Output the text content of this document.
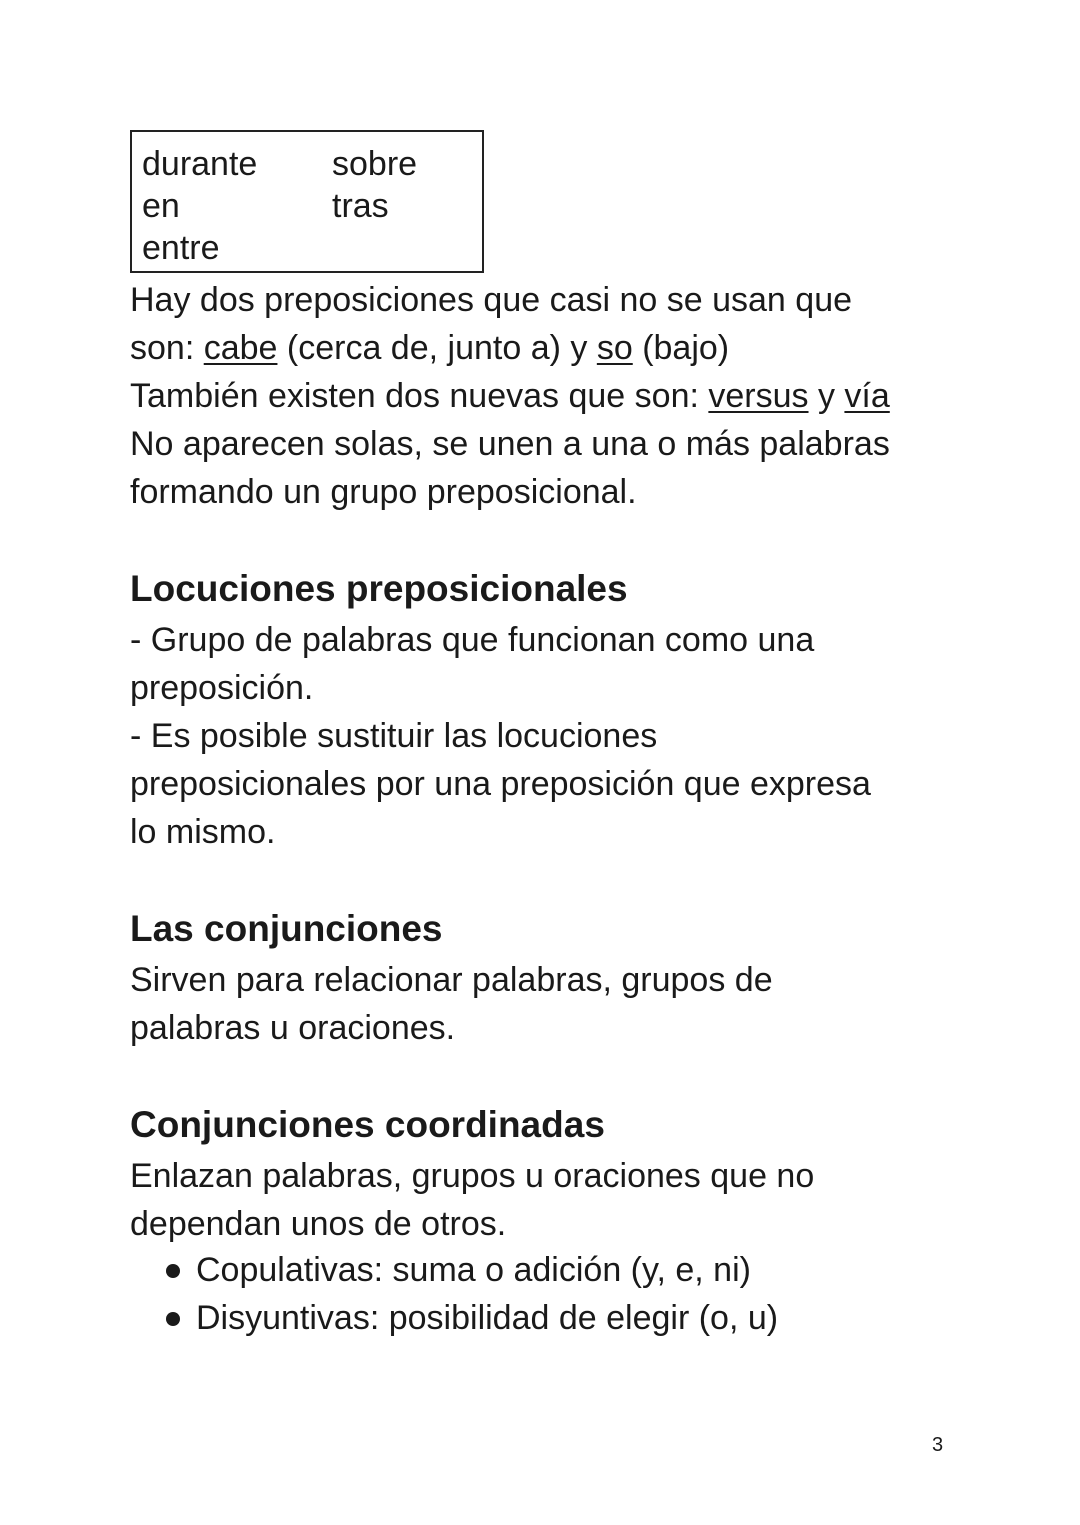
durante
en
entre
sobre
tras
Hay dos preposiciones que casi no se usan que
son: cabe (cerca de, junto a) y so (bajo)
También existen dos nuevas que son: versus y vía
No aparecen solas, se unen a una o más palabras
formando un grupo preposicional.
Locuciones preposicionales
- Grupo de palabras que funcionan como una
preposición.
- Es posible sustituir las locuciones
preposicionales por una preposición que expresa
lo mismo.
Las conjunciones
Sirven para relacionar palabras, grupos de
palabras u oraciones.
Conjunciones coordinadas
Enlazan palabras, grupos u oraciones que no
dependan unos de otros.
Copulativas: suma o adición (y, e, ni)
Disyuntivas: posibilidad de elegir (o, u)
3
